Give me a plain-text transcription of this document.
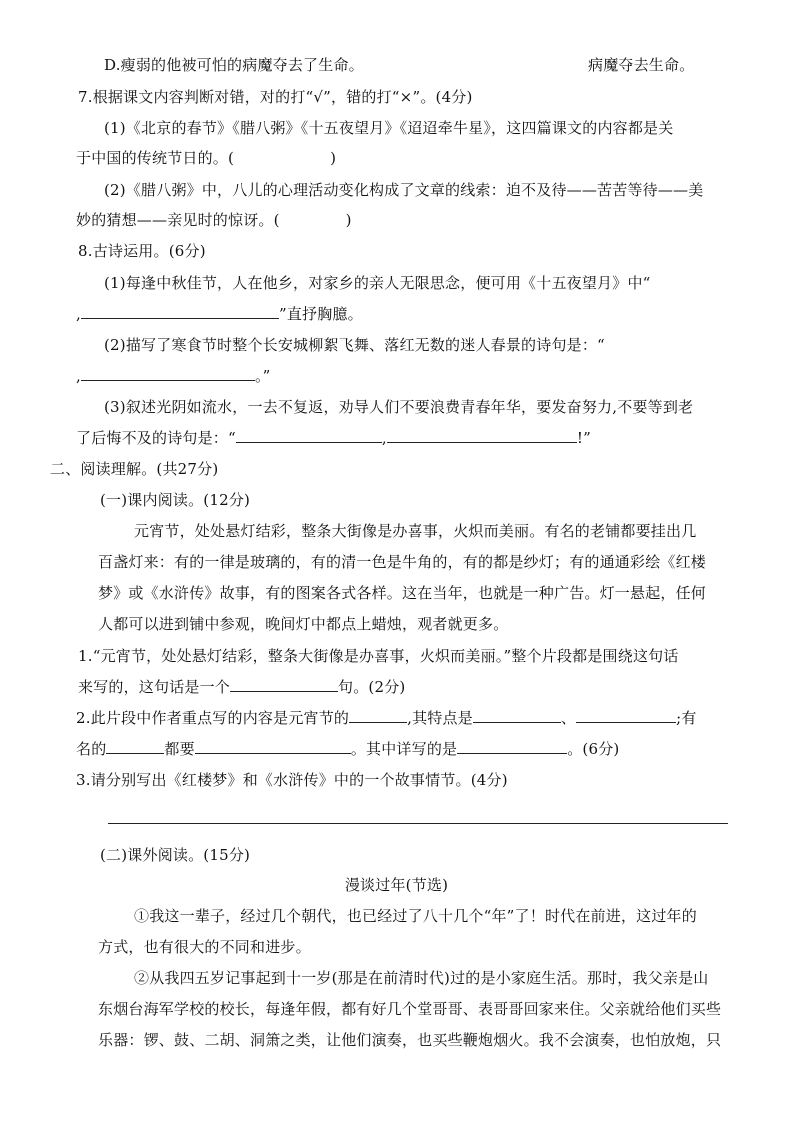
D.瘦弱的他被可怕的病魔夺去了生命。	病魔夺去生命。
7.根据课文内容判断对错，对的打“√”，错的打“×”。(4分)
(1)《北京的春节》《腊八粥》《十五夜望月》《迢迢牵牛星》，这四篇课文的内容都是关
于中国的传统节日的。(	)
(2)《腊八粥》中，八儿的心理活动变化构成了文章的线索：迫不及待——苦苦等待——美
妙的猜想——亲见时的惊讶。(	)
8.古诗运用。(6分)
(1)每逢中秋佳节，人在他乡，对家乡的亲人无限思念，便可用《十五夜望月》中“
,	”直抒胸臆。
(2)描写了寒食节时整个长安城柳絮飞舞、落红无数的迷人春景的诗句是：“
,	。”
(3)叙述光阴如流水，一去不复返，劝导人们不要浪费青春年华，要发奋努力,不要等到老
了后悔不及的诗句是：“	,	!”
二、阅读理解。(共27分)
(一)课内阅读。(12分)
元宵节，处处悬灯结彩，整条大街像是办喜事，火炽而美丽。有名的老铺都要挂出几
百盏灯来：有的一律是玻璃的，有的清一色是牛角的，有的都是纱灯；有的通通彩绘《红楼
梦》或《水浒传》故事，有的图案各式各样。这在当年，也就是一种广告。灯一悬起，任何
人都可以进到铺中参观，晚间灯中都点上蜡烛，观者就更多。
1.“元宵节，处处悬灯结彩，整条大街像是办喜事，火炽而美丽。”整个片段都是围绕这句话
来写的，这句话是一个	句。(2分)
2.此片段中作者重点写的内容是元宵节的	,其特点是	、	;有
名的	都要	。其中详写的是	。(6分)
3.请分别写出《红楼梦》和《水浒传》中的一个故事情节。(4分)
(二)课外阅读。(15分)
漫谈过年(节选)
①我这一辈子，经过几个朝代，也已经过了八十几个“年”了！时代在前进，这过年的
方式，也有很大的不同和进步。
②从我四五岁记事起到十一岁(那是在前清时代)过的是小家庭生活。那时，我父亲是山
东烟台海军学校的校长，每逢年假，都有好几个堂哥哥、表哥哥回家来住。父亲就给他们买些
乐器：锣、鼓、二胡、洞箫之类，让他们演奏，也买些鞭炮烟火。我不会演奏，也怕放炮，只
